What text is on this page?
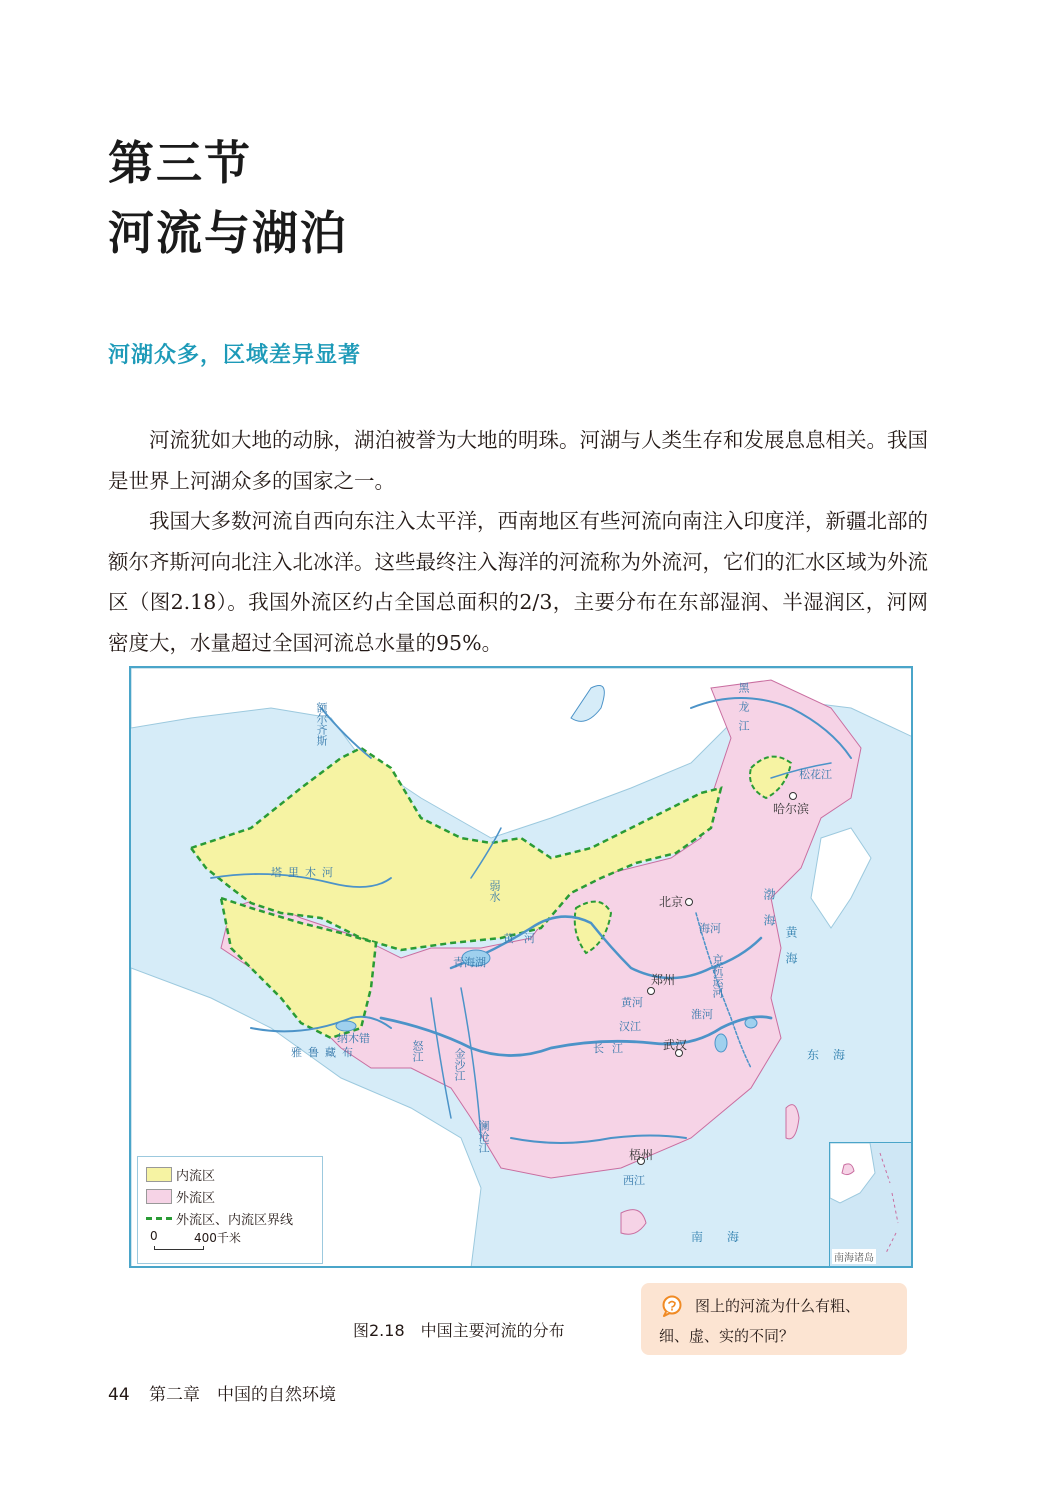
第三节
河流与湖泊
河湖众多，区域差异显著

河流犹如大地的动脉，湖泊被誉为大地的明珠。河湖与人类生存和发展息息相关。我国是世界上河湖众多的国家之一。

我国大多数河流自西向东注入太平洋，西南地区有些河流向南注入印度洋，新疆北部的额尔齐斯河向北注入北冰洋。这些最终注入海洋的河流称为外流河，它们的汇水区域为外流区（图2.18）。我国外流区约占全国总面积的2/3，主要分布在东部湿润、半湿润区，河网密度大，水量超过全国河流总水量的95%。

哈尔滨
北京
郑州
武汉
梧州
额尔齐斯	黑龙江
松花江
塔里木河
弱水
黄河
黄河
长江
雅鲁藏布	怒江
澜沧江
金沙江
西江
汉江
淮河
海河
京杭运河
青海湖
纳木错
渤海
黄海
东海
南海
内流区
外流区
外流区、内流区界线
0	400千米
南海诸岛
图2.18　中国主要河流的分布
图上的河流为什么有粗、
细、虚、实的不同？
44 第二章　中国的自然环境
